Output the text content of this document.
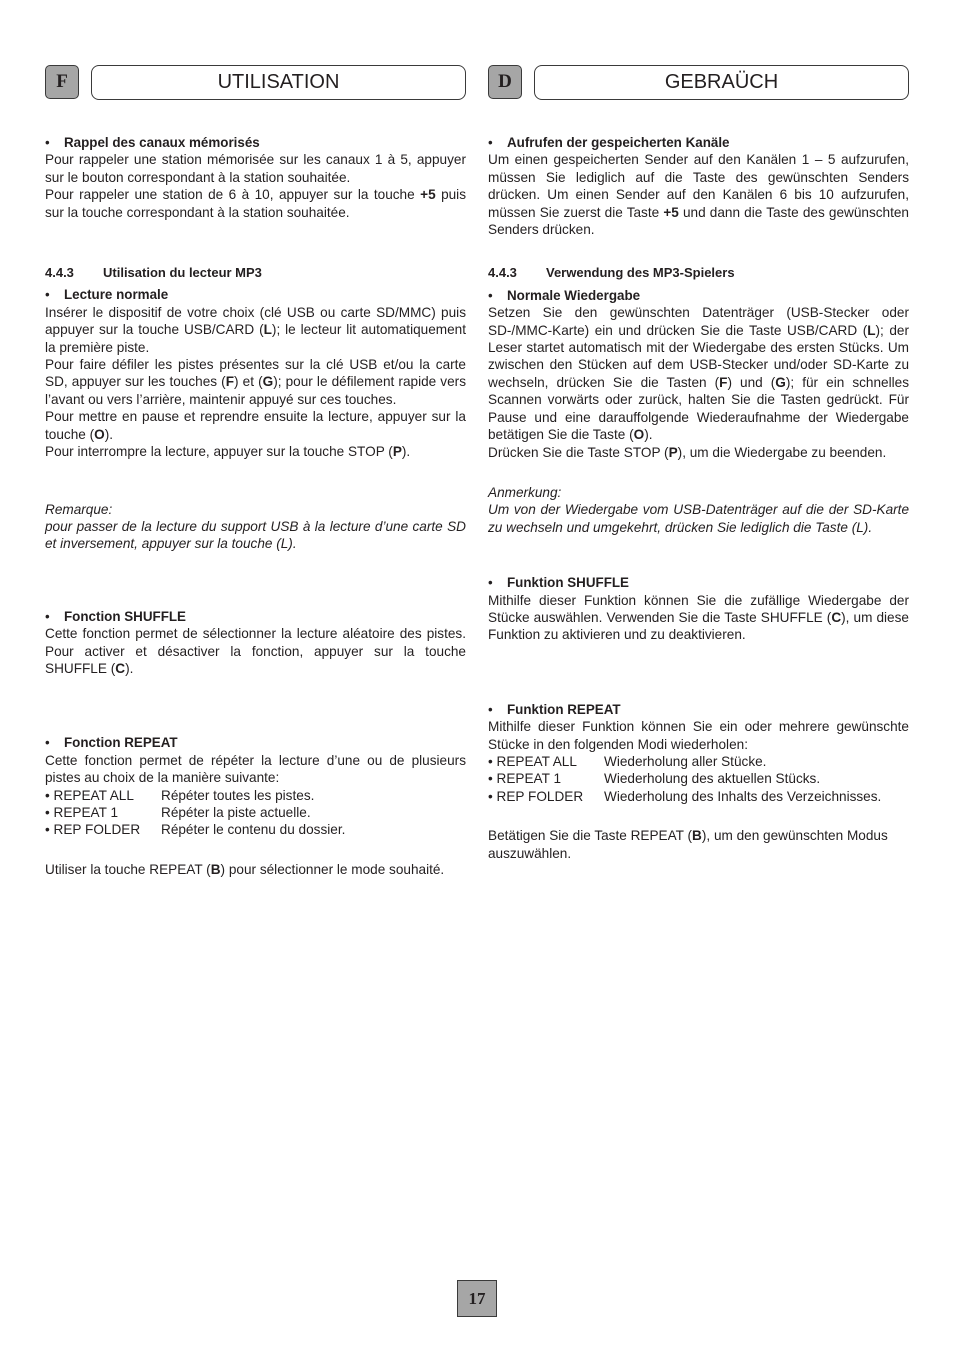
F	UTILISATION

• Rappel des canaux mémorisés

Pour rappeler une station mémorisée sur les canaux 1 à 5, appuyer sur le bouton correspondant à la station souhaitée.

Pour rappeler une station de 6 à 10, appuyer sur la touche +5 puis sur la touche correspondant à la station souhaitée.

4.4.3 Utilisation du lecteur MP3

• Lecture normale

Insérer le dispositif de votre choix (clé USB ou carte SD/MMC) puis appuyer sur la touche USB/CARD (L); le lecteur lit automatiquement la première piste.

Pour faire défiler les pistes présentes sur la clé USB et/ou la carte SD, appuyer sur les touches (F) et (G); pour le défilement rapide vers l’avant ou vers l’arrière, maintenir appuyé sur ces touches.

Pour mettre en pause et reprendre ensuite la lecture, appuyer sur la touche (O).

Pour interrompre la lecture, appuyer sur la touche STOP (P).

Remarque:

pour passer de la lecture du support USB à la lecture d’une carte SD et inversement, appuyer sur la touche (L).

• Fonction SHUFFLE

Cette fonction permet de sélectionner la lecture aléatoire des pistes. Pour activer et désactiver la fonction, appuyer sur la touche SHUFFLE (C).

• Fonction REPEAT

Cette fonction permet de répéter la lecture d’une ou de plusieurs pistes au choix de la manière suivante:

• REPEAT ALL	Répéter toutes les pistes.
• REPEAT 1	Répéter la piste actuelle.
• REP FOLDER	Répéter le contenu du dossier.

Utiliser la touche REPEAT (B) pour sélectionner le mode souhaité.

D	GEBRAÜCH

• Aufrufen der gespeicherten Kanäle

Um einen gespeicherten Sender auf den Kanälen 1 – 5 aufzurufen, müssen Sie lediglich auf die Taste des gewünschten Senders drücken. Um einen Sender auf den Kanälen 6 bis 10 aufzurufen, müssen Sie zuerst die Taste +5 und dann die Taste des gewünschten Senders drücken.

4.4.3 Verwendung des MP3-Spielers

• Normale Wiedergabe

Setzen Sie den gewünschten Datenträger (USB-Stecker oder SD-/MMC-Karte) ein und drücken Sie die Taste USB/CARD (L); der Leser startet automatisch mit der Wiedergabe des ersten Stücks. Um zwischen den Stücken auf dem USB-Stecker und/oder SD-Karte zu wechseln, drücken Sie die Tasten (F) und (G); für ein schnelles Scannen vorwärts oder zurück, halten Sie die Tasten gedrückt. Für Pause und eine darauffolgende Wiederaufnahme der Wiedergabe betätigen Sie die Taste (O).

Drücken Sie die Taste STOP (P), um die Wiedergabe zu beenden.

Anmerkung:

Um von der Wiedergabe vom USB-Datenträger auf die der SD-Karte zu wechseln und umgekehrt, drücken Sie lediglich die Taste (L).

• Funktion SHUFFLE

Mithilfe dieser Funktion können Sie die zufällige Wiedergabe der Stücke auswählen. Verwenden Sie die Taste SHUFFLE (C), um diese Funktion zu aktivieren und zu deaktivieren.

• Funktion REPEAT

Mithilfe dieser Funktion können Sie ein oder mehrere gewünschte Stücke in den folgenden Modi wiederholen:

• REPEAT ALL	Wiederholung aller Stücke.
• REPEAT 1	Wiederholung des aktuellen Stücks.
• REP FOLDER	Wiederholung des Inhalts des Verzeichnisses.

Betätigen Sie die Taste REPEAT (B), um den gewünschten Modus auszuwählen.

17
